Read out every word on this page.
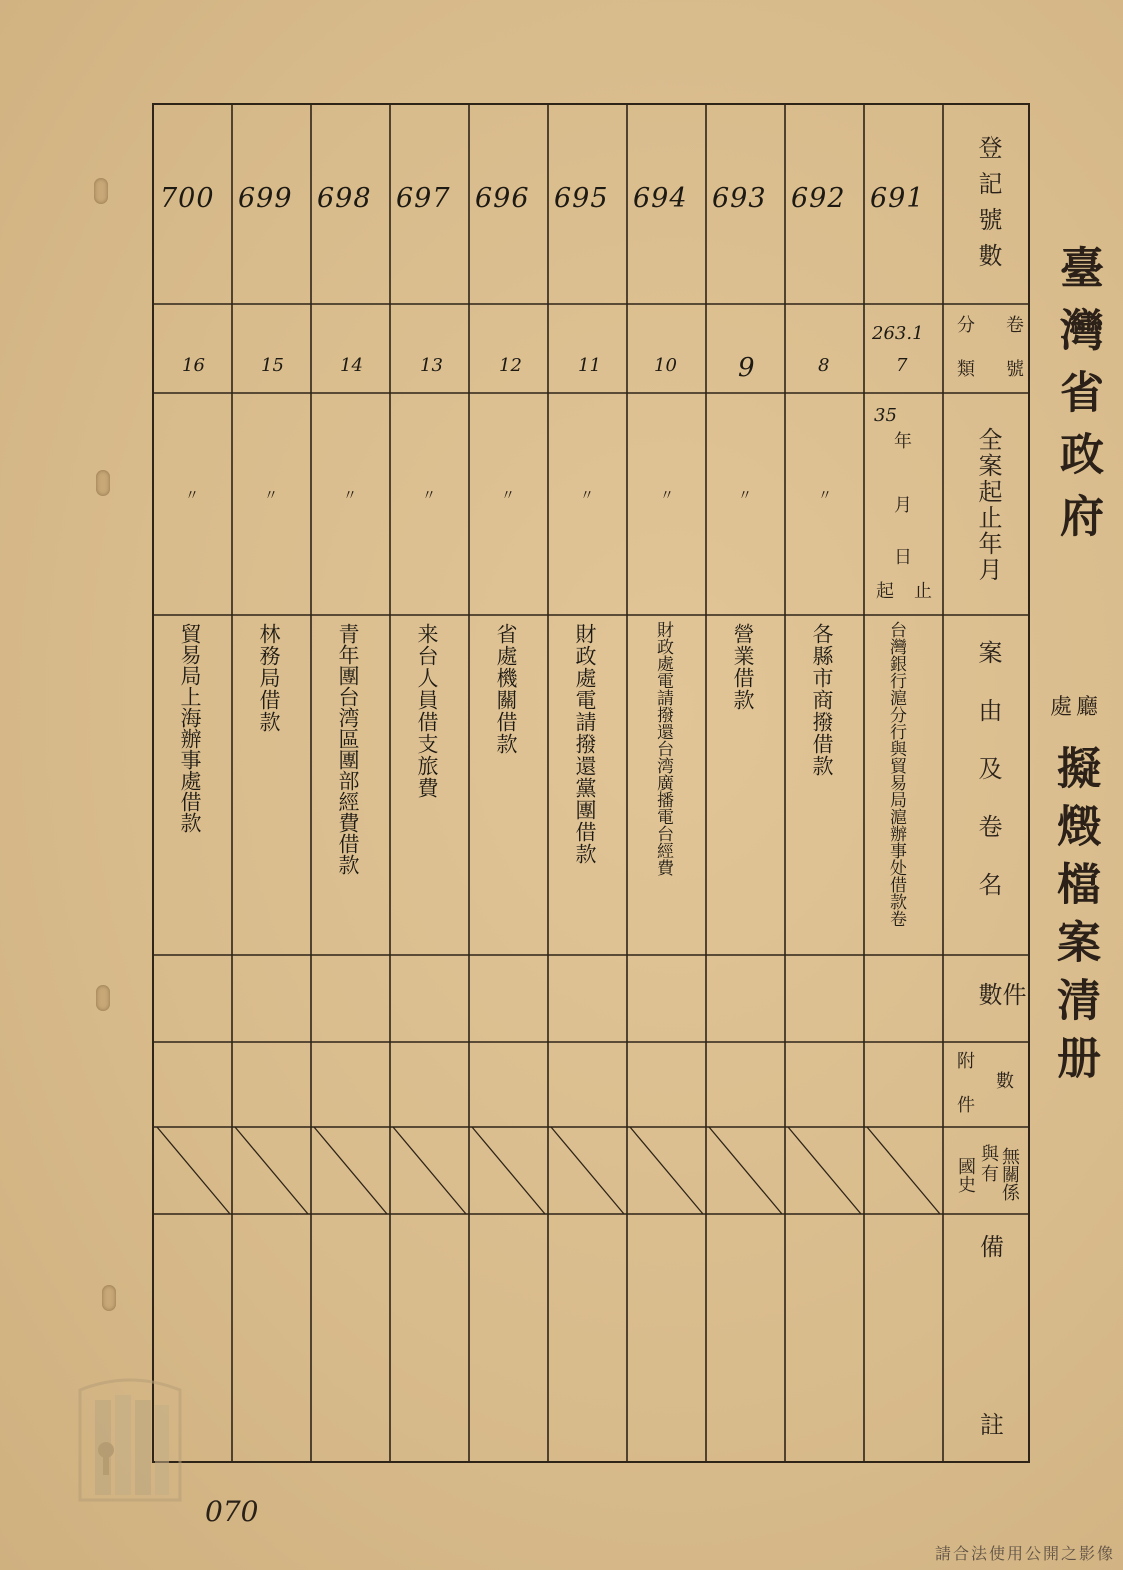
登記號數
卷
號
分
類
全案起止年月
案由及卷名
件數
數
附
件
無關係
與有
國史
備
註
691
263.1
7
35
年
月
日
止
起
台灣銀行滬分行與貿易局滬辦事处借款卷
692
8
〃
各縣市商撥借款
693
9
〃
營業借款
694
10
〃
財政處電請撥還台湾廣播電台經費
695
11
〃
財政處電請撥還黨團借款
696
12
〃
省處機關借款
697
13
〃
来台人員借支旅費
698
14
〃
青年團台湾區團部經費借款
699
15
〃
林務局借款
700
16
〃
貿易局上海辦事處借款
臺灣省政府
處 廳
擬燬檔案清册
070
請合法使用公開之影像
